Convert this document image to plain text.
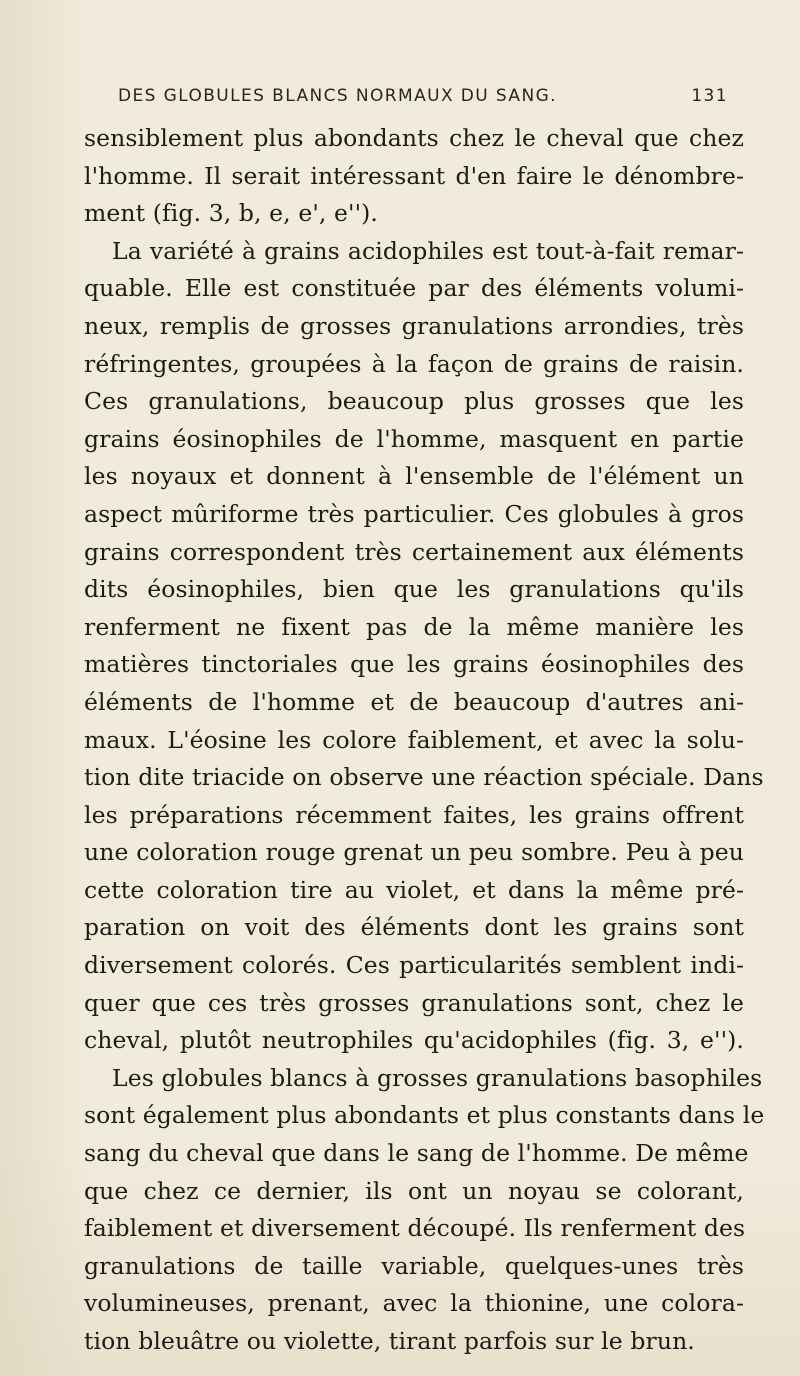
DES GLOBULES BLANCS NORMAUX DU SANG.	131
sensiblement plus abondants chez le cheval que chez
l'homme. Il serait intéressant d'en faire le dénombre-
ment (fig. 3, b, e, e', e'').
La variété à grains acidophiles est tout-à-fait remar-
quable. Elle est constituée par des éléments volumi-
neux, remplis de grosses granulations arrondies, très
réfringentes, groupées à la façon de grains de raisin.
Ces granulations, beaucoup plus grosses que les
grains éosinophiles de l'homme, masquent en partie
les noyaux et donnent à l'ensemble de l'élément un
aspect mûriforme très particulier. Ces globules à gros
grains correspondent très certainement aux éléments
dits éosinophiles, bien que les granulations qu'ils
renferment ne fixent pas de la même manière les
matières tinctoriales que les grains éosinophiles des
éléments de l'homme et de beaucoup d'autres ani-
maux. L'éosine les colore faiblement, et avec la solu-
tion dite triacide on observe une réaction spéciale. Dans
les préparations récemment faites, les grains offrent
une coloration rouge grenat un peu sombre. Peu à peu
cette coloration tire au violet, et dans la même pré-
paration on voit des éléments dont les grains sont
diversement colorés. Ces particularités semblent indi-
quer que ces très grosses granulations sont, chez le
cheval, plutôt neutrophiles qu'acidophiles (fig. 3, e'').
Les globules blancs à grosses granulations basophiles
sont également plus abondants et plus constants dans le
sang du cheval que dans le sang de l'homme. De même
que chez ce dernier, ils ont un noyau se colorant,
faiblement et diversement découpé. Ils renferment des
granulations de taille variable, quelques-unes très
volumineuses, prenant, avec la thionine, une colora-
tion bleuâtre ou violette, tirant parfois sur le brun.
